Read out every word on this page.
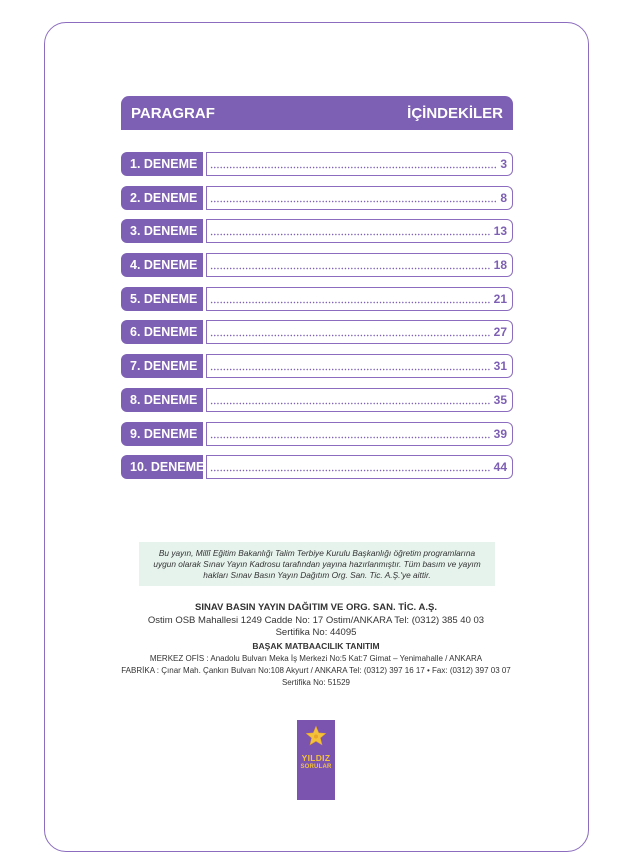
PARAGRAF	İÇİNDEKİLER
1. DENEME	3
2. DENEME	8
3. DENEME	13
4. DENEME	18
5. DENEME	21
6. DENEME	27
7. DENEME	31
8. DENEME	35
9. DENEME	39
10. DENEME	44
Bu yayın, Millî Eğitim Bakanlığı Talim Terbiye Kurulu Başkanlığı öğretim programlarına
uygun olarak Sınav Yayın Kadrosu tarafından yayına hazırlanmıştır. Tüm basım ve yayım
hakları Sınav Basın Yayın Dağıtım Org. San. Tic. A.Ş.'ye aittir.
SINAV BASIN YAYIN DAĞITIM VE ORG. SAN. TİC. A.Ş.
Ostim OSB Mahallesi 1249 Cadde No: 17 Ostim/ANKARA Tel: (0312) 385 40 03
Sertifika No: 44095
BAŞAK MATBAACILIK TANITIM
MERKEZ OFİS : Anadolu Bulvarı Meka İş Merkezi No:5 Kat:7 Gimat – Yenimahalle / ANKARA
FABRİKA : Çınar Mah. Çankırı Bulvarı No:108 Akyurt / ANKARA Tel: (0312) 397 16 17 • Fax: (0312) 397 03 07
Sertifika No: 51529
YILDIZ
SORULAR
